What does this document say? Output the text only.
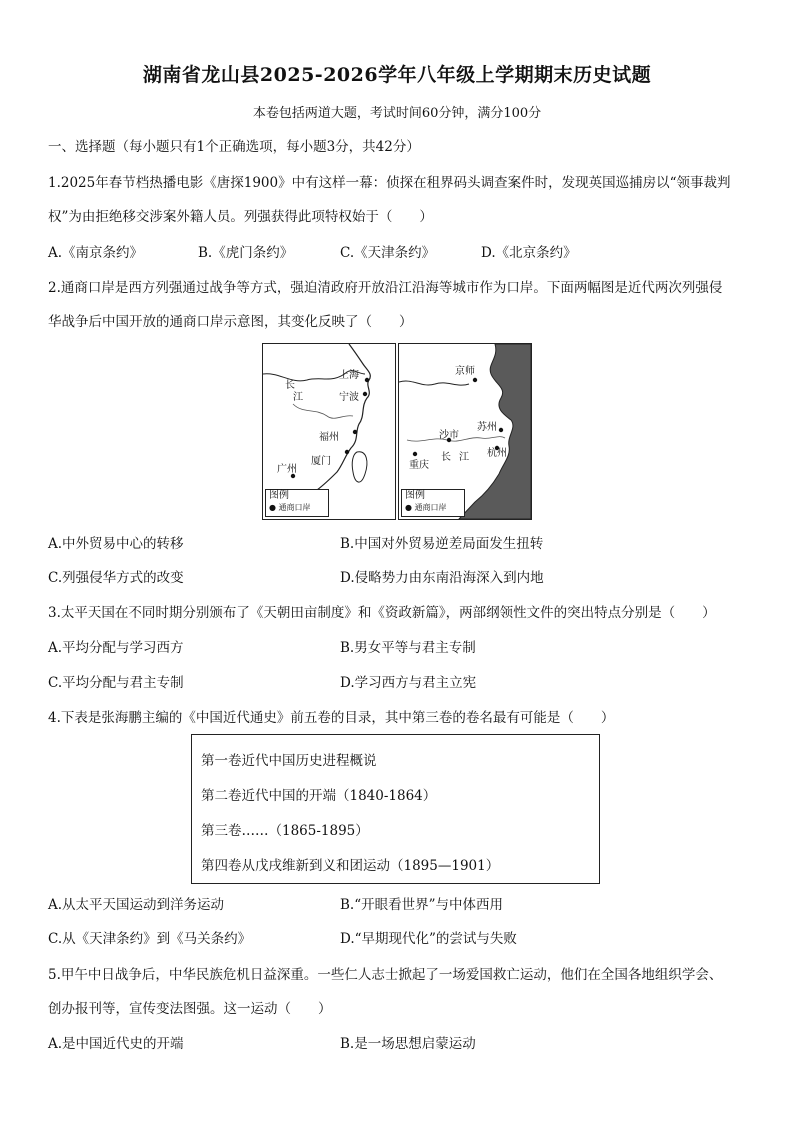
湖南省龙山县2025-2026学年八年级上学期期末历史试题
本卷包括两道大题，考试时间60分钟，满分100分
一、选择题（每小题只有1个正确选项，每小题3分，共42分）
1.2025年春节档热播电影《唐探1900》中有这样一幕：侦探在租界码头调查案件时，发现英国巡捕房以“领事裁判
权”为由拒绝移交涉案外籍人员。列强获得此项特权始于（　　）
A.《南京条约》	B.《虎门条约》	C.《天津条约》	D.《北京条约》
2.通商口岸是西方列强通过战争等方式，强迫清政府开放沿江沿海等城市作为口岸。下面两幅图是近代两次列强侵
华战争后中国开放的通商口岸示意图，其变化反映了（　　）
上海
长
江	宁波
福州
厦门
广州
图例
● 通商口岸
京师
苏州
沙市
长 江 杭州
重庆
图例
● 通商口岸
A.中外贸易中心的转移	B.中国对外贸易逆差局面发生扭转
C.列强侵华方式的改变	D.侵略势力由东南沿海深入到内地
3.太平天国在不同时期分别颁布了《天朝田亩制度》和《资政新篇》，两部纲领性文件的突出特点分别是（　　）
A.平均分配与学习西方	B.男女平等与君主专制
C.平均分配与君主专制	D.学习西方与君主立宪
4.下表是张海鹏主编的《中国近代通史》前五卷的目录，其中第三卷的卷名最有可能是（　　）
第一卷近代中国历史进程概说
第二卷近代中国的开端（1840-1864）
第三卷……（1865-1895）
第四卷从戊戌维新到义和团运动（1895—1901）
A.从太平天国运动到洋务运动	B.“开眼看世界”与中体西用
C.从《天津条约》到《马关条约》	D.“早期现代化”的尝试与失败
5.甲午中日战争后，中华民族危机日益深重。一些仁人志士掀起了一场爱国救亡运动，他们在全国各地组织学会、
创办报刊等，宣传变法图强。这一运动（　　）
A.是中国近代史的开端	B.是一场思想启蒙运动
